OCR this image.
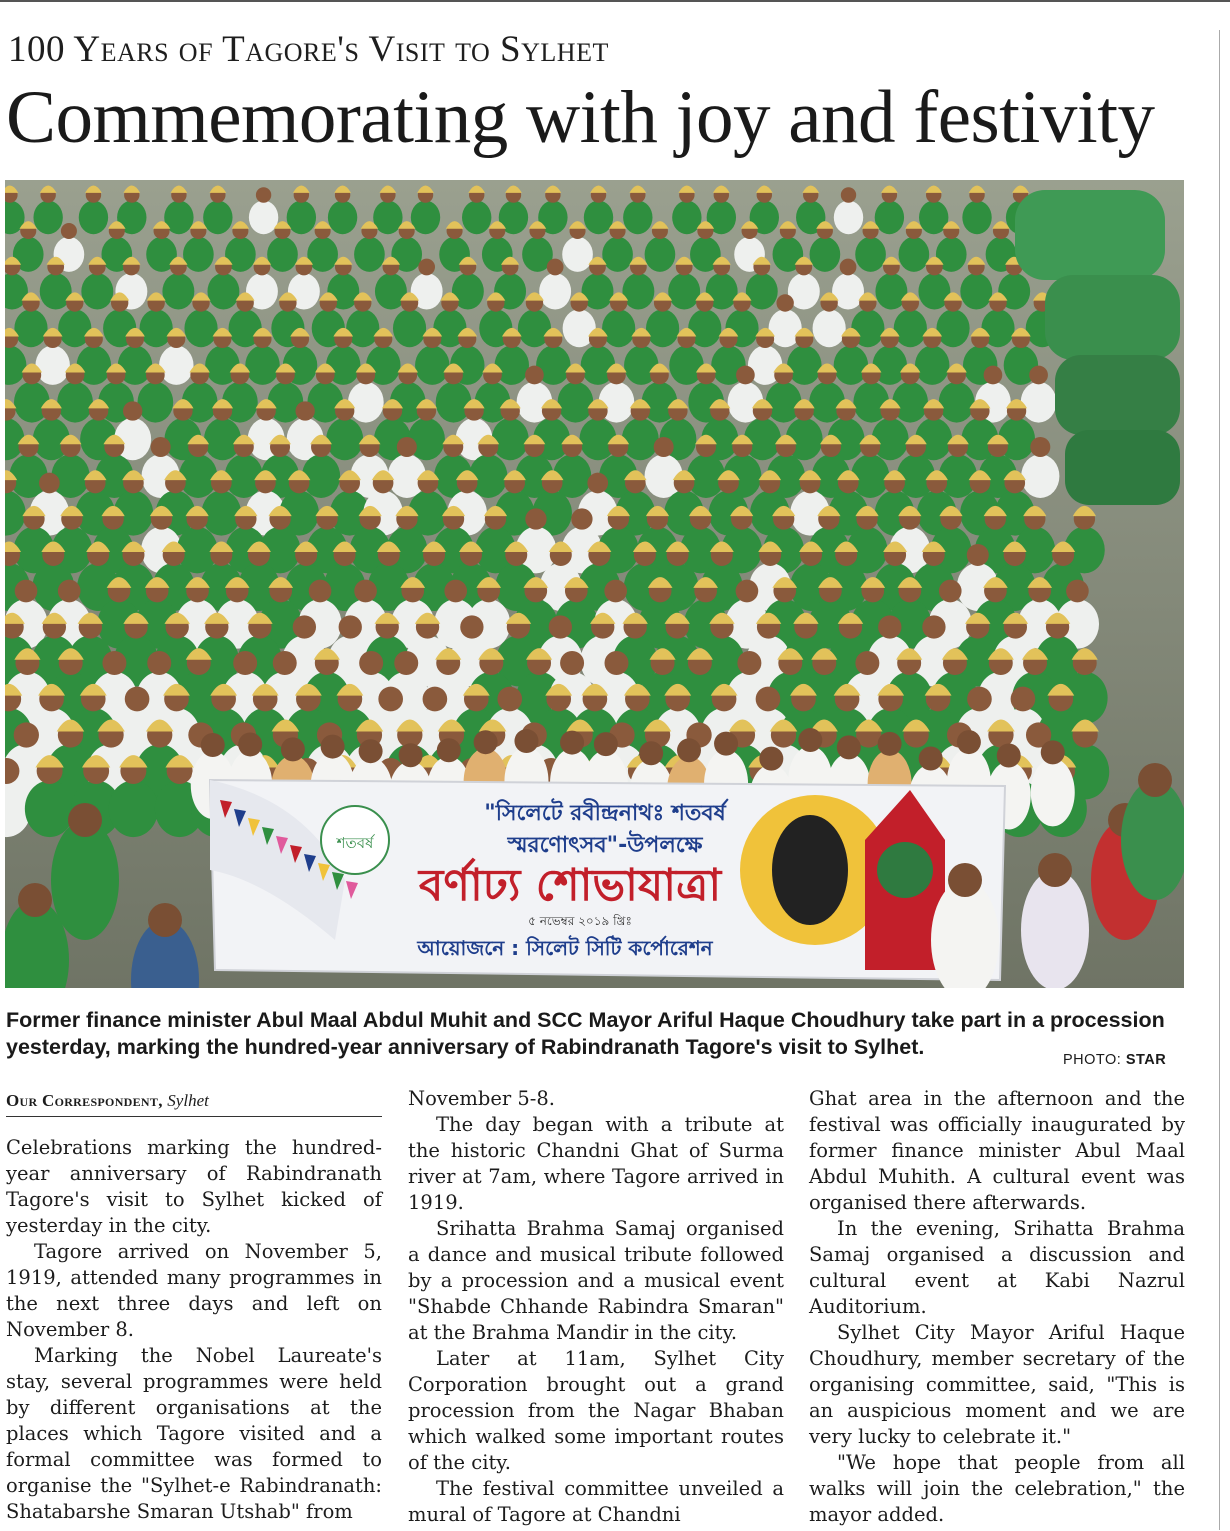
100 Years of Tagore's Visit to Sylhet
Commemorating with joy and festivity
শতবর্ষ
"সিলেটে রবীন্দ্রনাথঃ শতবর্ষ
স্মরণোৎসব"-উপলক্ষে
বর্ণাঢ্য শোভাযাত্রা
৫ নভেম্বর ২০১৯ খ্রিঃ
আয়োজনে : সিলেট সিটি কর্পোরেশন
Former finance minister Abul Maal Abdul Muhit and SCC Mayor Ariful Haque Choudhury take part in a procession yesterday, marking the hundred-year anniversary of Rabindranath Tagore's visit to Sylhet.
PHOTO: STAR
Our Correspondent, Sylhet

Celebrations marking the hundred-year anniversary of Rabindranath Tagore's visit to Sylhet kicked of yesterday in the city.

Tagore arrived on November 5, 1919, attended many programmes in the next three days and left on November 8.

Marking the Nobel Laureate's stay, several programmes were held by different organisations at the places which Tagore visited and a formal committee was formed to organise the "Sylhet-e Rabindranath: Shatabarshe Smaran Utshab" from

November 5-8.

The day began with a tribute at the historic Chandni Ghat of Surma river at 7am, where Tagore arrived in 1919.

Srihatta Brahma Samaj organised a dance and musical tribute followed by a procession and a musical event "Shabde Chhande Rabindra Smaran" at the Brahma Mandir in the city.

Later at 11am, Sylhet City Corporation brought out a grand procession from the Nagar Bhaban which walked some important routes of the city.

The festival committee unveiled a mural of Tagore at Chandni

Ghat area in the afternoon and the festival was officially inaugurated by former finance minister Abul Maal Abdul Muhith. A cultural event was organised there afterwards.

In the evening, Srihatta Brahma Samaj organised a discussion and cultural event at Kabi Nazrul Auditorium.

Sylhet City Mayor Ariful Haque Choudhury, member secretary of the organising committee, said, "This is an auspicious moment and we are very lucky to celebrate it."

"We hope that people from all walks will join the celebration," the mayor added.
